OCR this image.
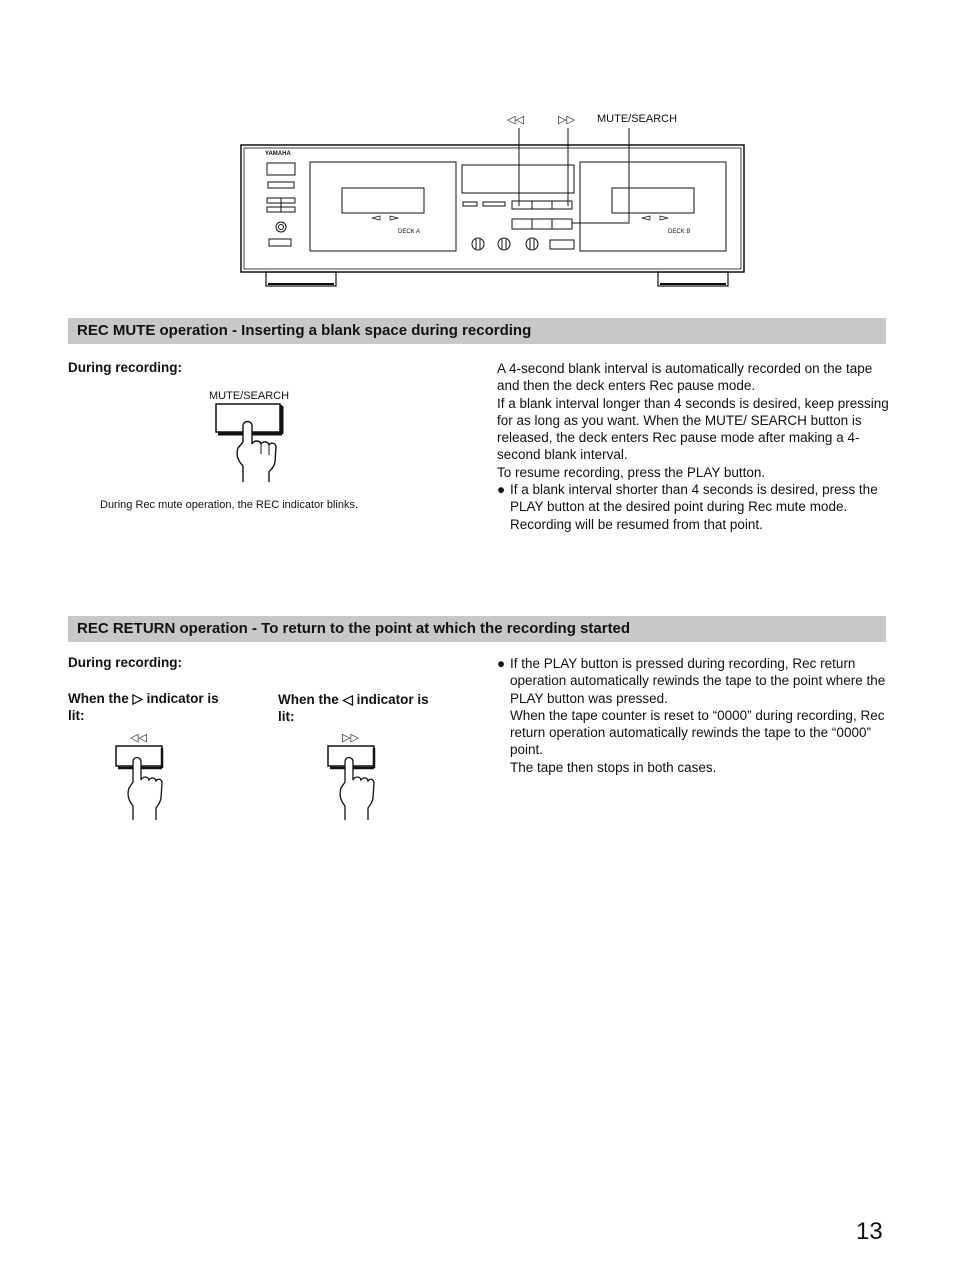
◁◁	▷▷ MUTE/SEARCH
YAMAHA
DECK A	DECK B
REC MUTE operation - Inserting a blank space during recording
During recording:
MUTE/SEARCH
During Rec mute operation, the REC indicator blinks.

A 4-second blank interval is automatically recorded on the tape and then the deck enters Rec pause mode.

If a blank interval longer than 4 seconds is desired, keep pressing for as long as you want. When the MUTE/ SEARCH button is released, the deck enters Rec pause mode after making a 4-second blank interval.

To resume recording, press the PLAY button.

● If a blank interval shorter than 4 seconds is desired, press the PLAY button at the desired point during Rec mute mode. Recording will be resumed from that point.
REC RETURN operation - To return to the point at which the recording started
During recording:
When the ▷ indicator is lit:
When the ◁ indicator is lit:
◁◁	▷▷
● If the PLAY button is pressed during recording, Rec return operation automatically rewinds the tape to the point where the PLAY button was pressed.

When the tape counter is reset to “0000” during recording, Rec return operation automatically rewinds the tape to the “0000” point.

The tape then stops in both cases.

13
